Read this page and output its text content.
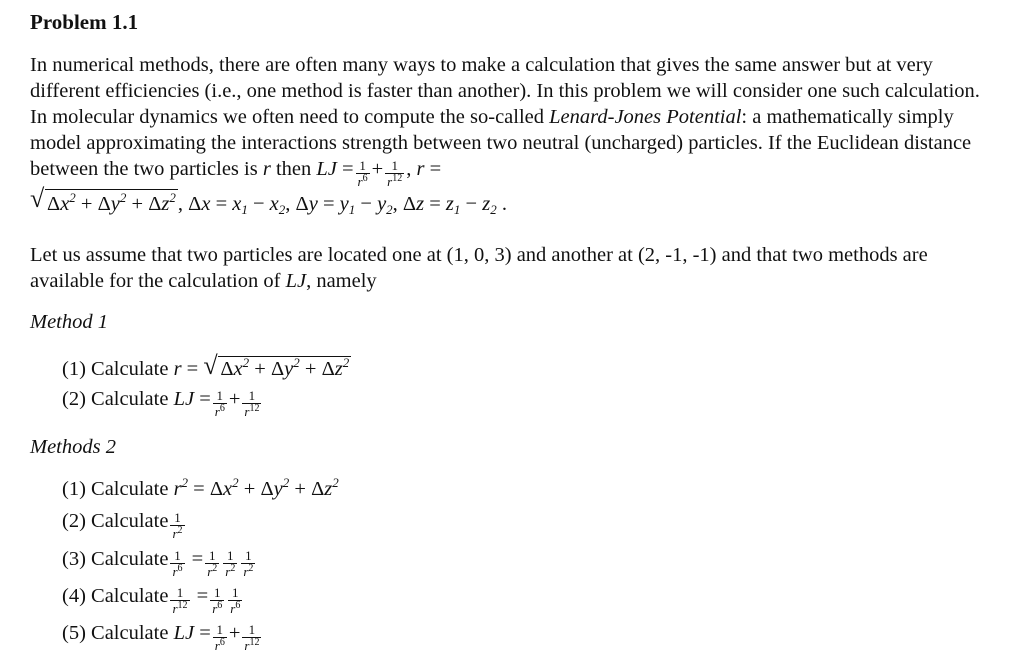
Problem 1.1
In numerical methods, there are often many ways to make a calculation that gives the same answer but at very different efficiencies (i.e., one method is faster than another). In this problem we will consider one such calculation. In molecular dynamics we often need to compute the so-called Lenard-Jones Potential: a mathematically simply model approximating the interactions strength between two neutral (uncharged) particles. If the Euclidean distance between the two particles is r then LJ = $\frac{1}{r^6} + \frac{1}{r^{12}}$ , r =

√ $\Delta x^2 + \Delta y^2 + \Delta z^2$, $\Delta x = x_1 - x_2$, $\Delta y = y_1 - y_2$, $\Delta z = z_1 - z_2$ .
Let us assume that two particles are located one at (1, 0, 3) and another at (2, -1, -1) and that two methods are available for the calculation of LJ, namely
Method 1
(1) Calculate r = √ $\Delta x^2 + \Delta y^2 + \Delta z^2$
(2) Calculate LJ = $\frac{1}{r^6} + \frac{1}{r^{12}}$
Methods 2
(1) Calculate $r^2 = \Delta x^2 + \Delta y^2 + \Delta z^2$
(2) Calculate $\frac{1}{r^2}$
(3) Calculate $\frac{1}{r^6} = \frac{1}{r^2} \frac{1}{r^2} \frac{1}{r^2}$
(4) Calculate $\frac{1}{r^{12}} = \frac{1}{r^6} \frac{1}{r^6}$
(5) Calculate LJ = $\frac{1}{r^6} + \frac{1}{r^{12}}$
